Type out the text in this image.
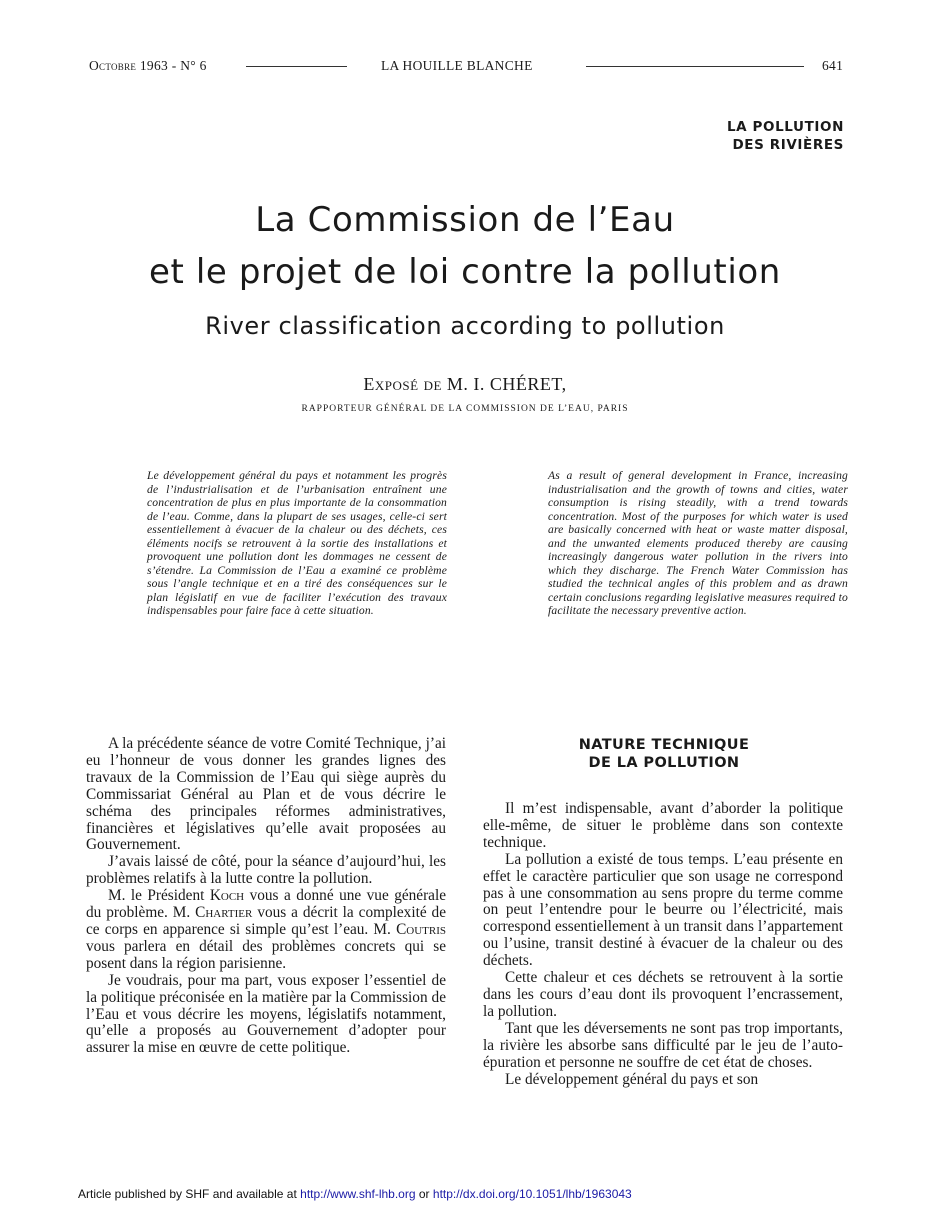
Octobre 1963 - N° 6	LA HOUILLE BLANCHE	641
LA POLLUTION
DES RIVIÈRES
La Commission de l’Eau
et le projet de loi contre la pollution
River classification according to pollution
Exposé de M. I. CHÉRET,
RAPPORTEUR GÉNÉRAL DE LA COMMISSION DE L’EAU, PARIS
Le développement général du pays et notamment les progrès de l’industrialisation et de l’urbanisation entraînent une concentration de plus en plus importante de la consommation de l’eau. Comme, dans la plupart de ses usages, celle-ci sert essentiellement à évacuer de la chaleur ou des déchets, ces éléments nocifs se retrouvent à la sortie des installations et provoquent une pollution dont les dommages ne cessent de s’étendre. La Commission de l’Eau a examiné ce problème sous l’angle technique et en a tiré des conséquences sur le plan législatif en vue de faciliter l’exécution des travaux indispensables pour faire face à cette situation.
As a result of general development in France, increasing industrialisation and the growth of towns and cities, water consumption is rising steadily, with a trend towards concentration. Most of the purposes for which water is used are basically concerned with heat or waste matter disposal, and the unwanted elements produced thereby are causing increasingly dangerous water pollution in the rivers into which they discharge. The French Water Commission has studied the technical angles of this problem and as drawn certain conclusions regarding legislative measures required to facilitate the necessary preventive action.

A la précédente séance de votre Comité Technique, j’ai eu l’honneur de vous donner les grandes lignes des travaux de la Commission de l’Eau qui siège auprès du Commissariat Général au Plan et de vous décrire le schéma des principales réformes administratives, financières et législatives qu’elle avait proposées au Gouvernement.

J’avais laissé de côté, pour la séance d’aujourd’hui, les problèmes relatifs à la lutte contre la pollution.

M. le Président Koch vous a donné une vue générale du problème. M. Chartier vous a décrit la complexité de ce corps en apparence si simple qu’est l’eau. M. Coutris vous parlera en détail des problèmes concrets qui se posent dans la région parisienne.

Je voudrais, pour ma part, vous exposer l’essentiel de la politique préconisée en la matière par la Commission de l’Eau et vous décrire les moyens, législatifs notamment, qu’elle a proposés au Gouvernement d’adopter pour assurer la mise en œuvre de cette politique.

NATURE TECHNIQUE
DE LA POLLUTION

Il m’est indispensable, avant d’aborder la politique elle-même, de situer le problème dans son contexte technique.

La pollution a existé de tous temps. L’eau présente en effet le caractère particulier que son usage ne correspond pas à une consommation au sens propre du terme comme on peut l’entendre pour le beurre ou l’électricité, mais correspond essentiellement à un transit dans l’appartement ou l’usine, transit destiné à évacuer de la chaleur ou des déchets.

Cette chaleur et ces déchets se retrouvent à la sortie dans les cours d’eau dont ils provoquent l’encrassement, la pollution.

Tant que les déversements ne sont pas trop importants, la rivière les absorbe sans difficulté par le jeu de l’auto-épuration et personne ne souffre de cet état de choses.

Le développement général du pays et son

Article published by SHF and available at http://www.shf-lhb.org or http://dx.doi.org/10.1051/lhb/1963043
